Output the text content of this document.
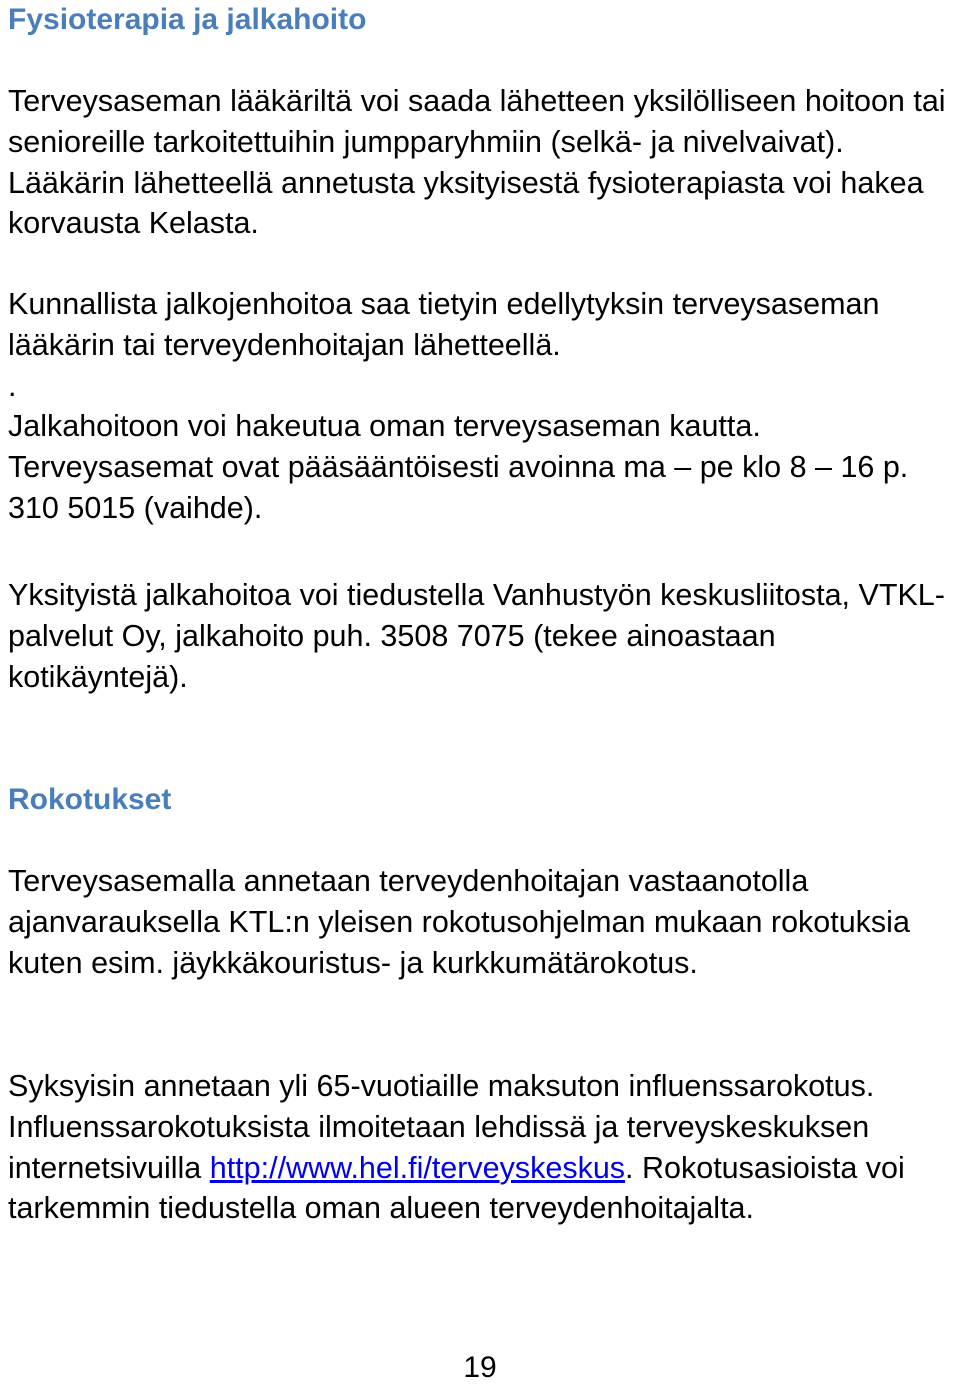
Fysioterapia ja jalkahoito

Terveysaseman lääkäriltä voi saada lähetteen yksilölliseen hoitoon tai senioreille tarkoitettuihin jumpparyhmiin (selkä- ja nivelvaivat). Lääkärin lähetteellä annetusta yksityisestä fysioterapiasta voi hakea korvausta Kelasta.

Kunnallista jalkojenhoitoa saa tietyin edellytyksin terveysaseman lääkärin tai terveydenhoitajan lähetteellä.
.
Jalkahoitoon voi hakeutua oman terveysaseman kautta. Terveysasemat ovat pääsääntöisesti avoinna ma – pe klo 8 – 16 p. 310 5015 (vaihde).

Yksityistä jalkahoitoa voi tiedustella Vanhustyön keskusliitosta, VTKL-palvelut Oy, jalkahoito puh. 3508 7075 (tekee ainoastaan kotikäyntejä).

Rokotukset

Terveysasemalla annetaan terveydenhoitajan vastaanotolla ajanvarauksella KTL:n yleisen rokotusohjelman mukaan rokotuksia kuten esim. jäykkäkouristus- ja kurkkumätärokotus.

Syksyisin annetaan yli 65-vuotiaille maksuton influenssarokotus. Influenssarokotuksista ilmoitetaan lehdissä ja terveyskeskuksen internetsivuilla http://www.hel.fi/terveyskeskus. Rokotusasioista voi tarkemmin tiedustella oman alueen terveydenhoitajalta.

19
